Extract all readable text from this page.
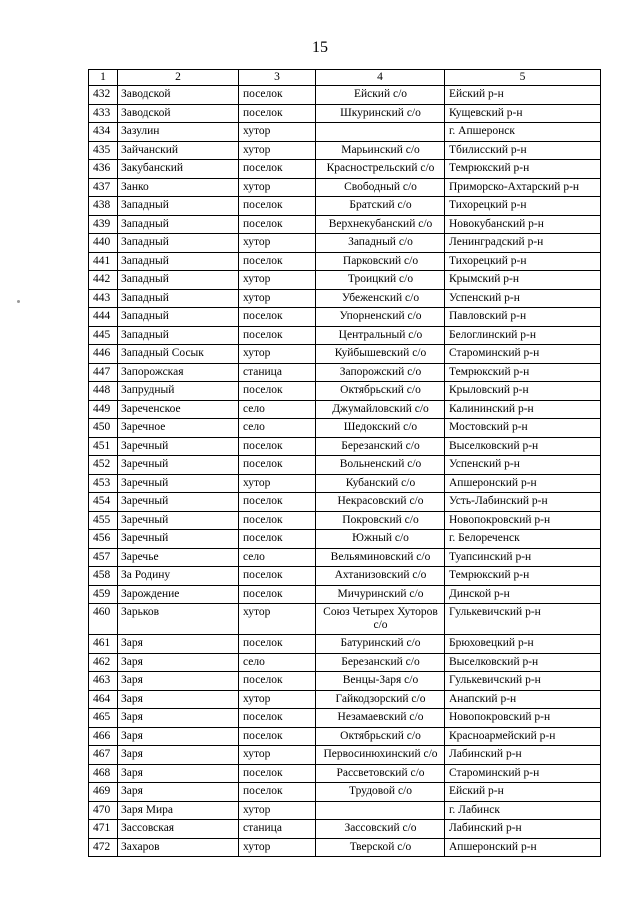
15
1	2	3	4	5
432	Заводской	поселок	Ейский с/о	Ейский р-н
433	Заводской	поселок	Шкуринский с/о	Кущевский р-н
434	Зазулин	хутор		г. Апшеронск
435	Зайчанский	хутор	Марьинский с/о	Тбилисский р-н
436	Закубанский	поселок	Краснострельский с/о	Темрюкский р-н
437	Занко	хутор	Свободный с/о	Приморско-Ахтарский р-н
438	Западный	поселок	Братский с/о	Тихорецкий р-н
439	Западный	поселок	Верхнекубанский с/о	Новокубанский р-н
440	Западный	хутор	Западный с/о	Ленинградский р-н
441	Западный	поселок	Парковский с/о	Тихорецкий р-н
442	Западный	хутор	Троицкий с/о	Крымский р-н
443	Западный	хутор	Убеженский с/о	Успенский р-н
444	Западный	поселок	Упорненский с/о	Павловский р-н
445	Западный	поселок	Центральный с/о	Белоглинский р-н
446	Западный Сосык	хутор	Куйбышевский с/о	Староминский р-н
447	Запорожская	станица	Запорожский с/о	Темрюкский р-н
448	Запрудный	поселок	Октябрьский с/о	Крыловский р-н
449	Зареченское	село	Джумайловский с/о	Калининский р-н
450	Заречное	село	Шедокский с/о	Мостовский р-н
451	Заречный	поселок	Березанский с/о	Выселковский р-н
452	Заречный	поселок	Вольненский с/о	Успенский р-н
453	Заречный	хутор	Кубанский с/о	Апшеронский р-н
454	Заречный	поселок	Некрасовский с/о	Усть-Лабинский р-н
455	Заречный	поселок	Покровский с/о	Новопокровский р-н
456	Заречный	поселок	Южный с/о	г. Белореченск
457	Заречье	село	Вельяминовский с/о	Туапсинский р-н
458	За Родину	поселок	Ахтанизовский с/о	Темрюкский р-н
459	Зарождение	поселок	Мичуринский с/о	Динской р-н
460	Зарьков	хутор	Союз Четырех Хуторов с/о	Гулькевичский р-н
461	Заря	поселок	Батуринский с/о	Брюховецкий р-н
462	Заря	село	Березанский с/о	Выселковский р-н
463	Заря	поселок	Венцы-Заря с/о	Гулькевичский р-н
464	Заря	хутор	Гайкодзорский с/о	Анапский р-н
465	Заря	поселок	Незамаевский с/о	Новопокровский р-н
466	Заря	поселок	Октябрьский с/о	Красноармейский р-н
467	Заря	хутор	Первосинюхинский с/о	Лабинский р-н
468	Заря	поселок	Рассветовский с/о	Староминский р-н
469	Заря	поселок	Трудовой с/о	Ейский р-н
470	Заря Мира	хутор		г. Лабинск
471	Зассовская	станица	Зассовский с/о	Лабинский р-н
472	Захаров	хутор	Тверской с/о	Апшеронский р-н
